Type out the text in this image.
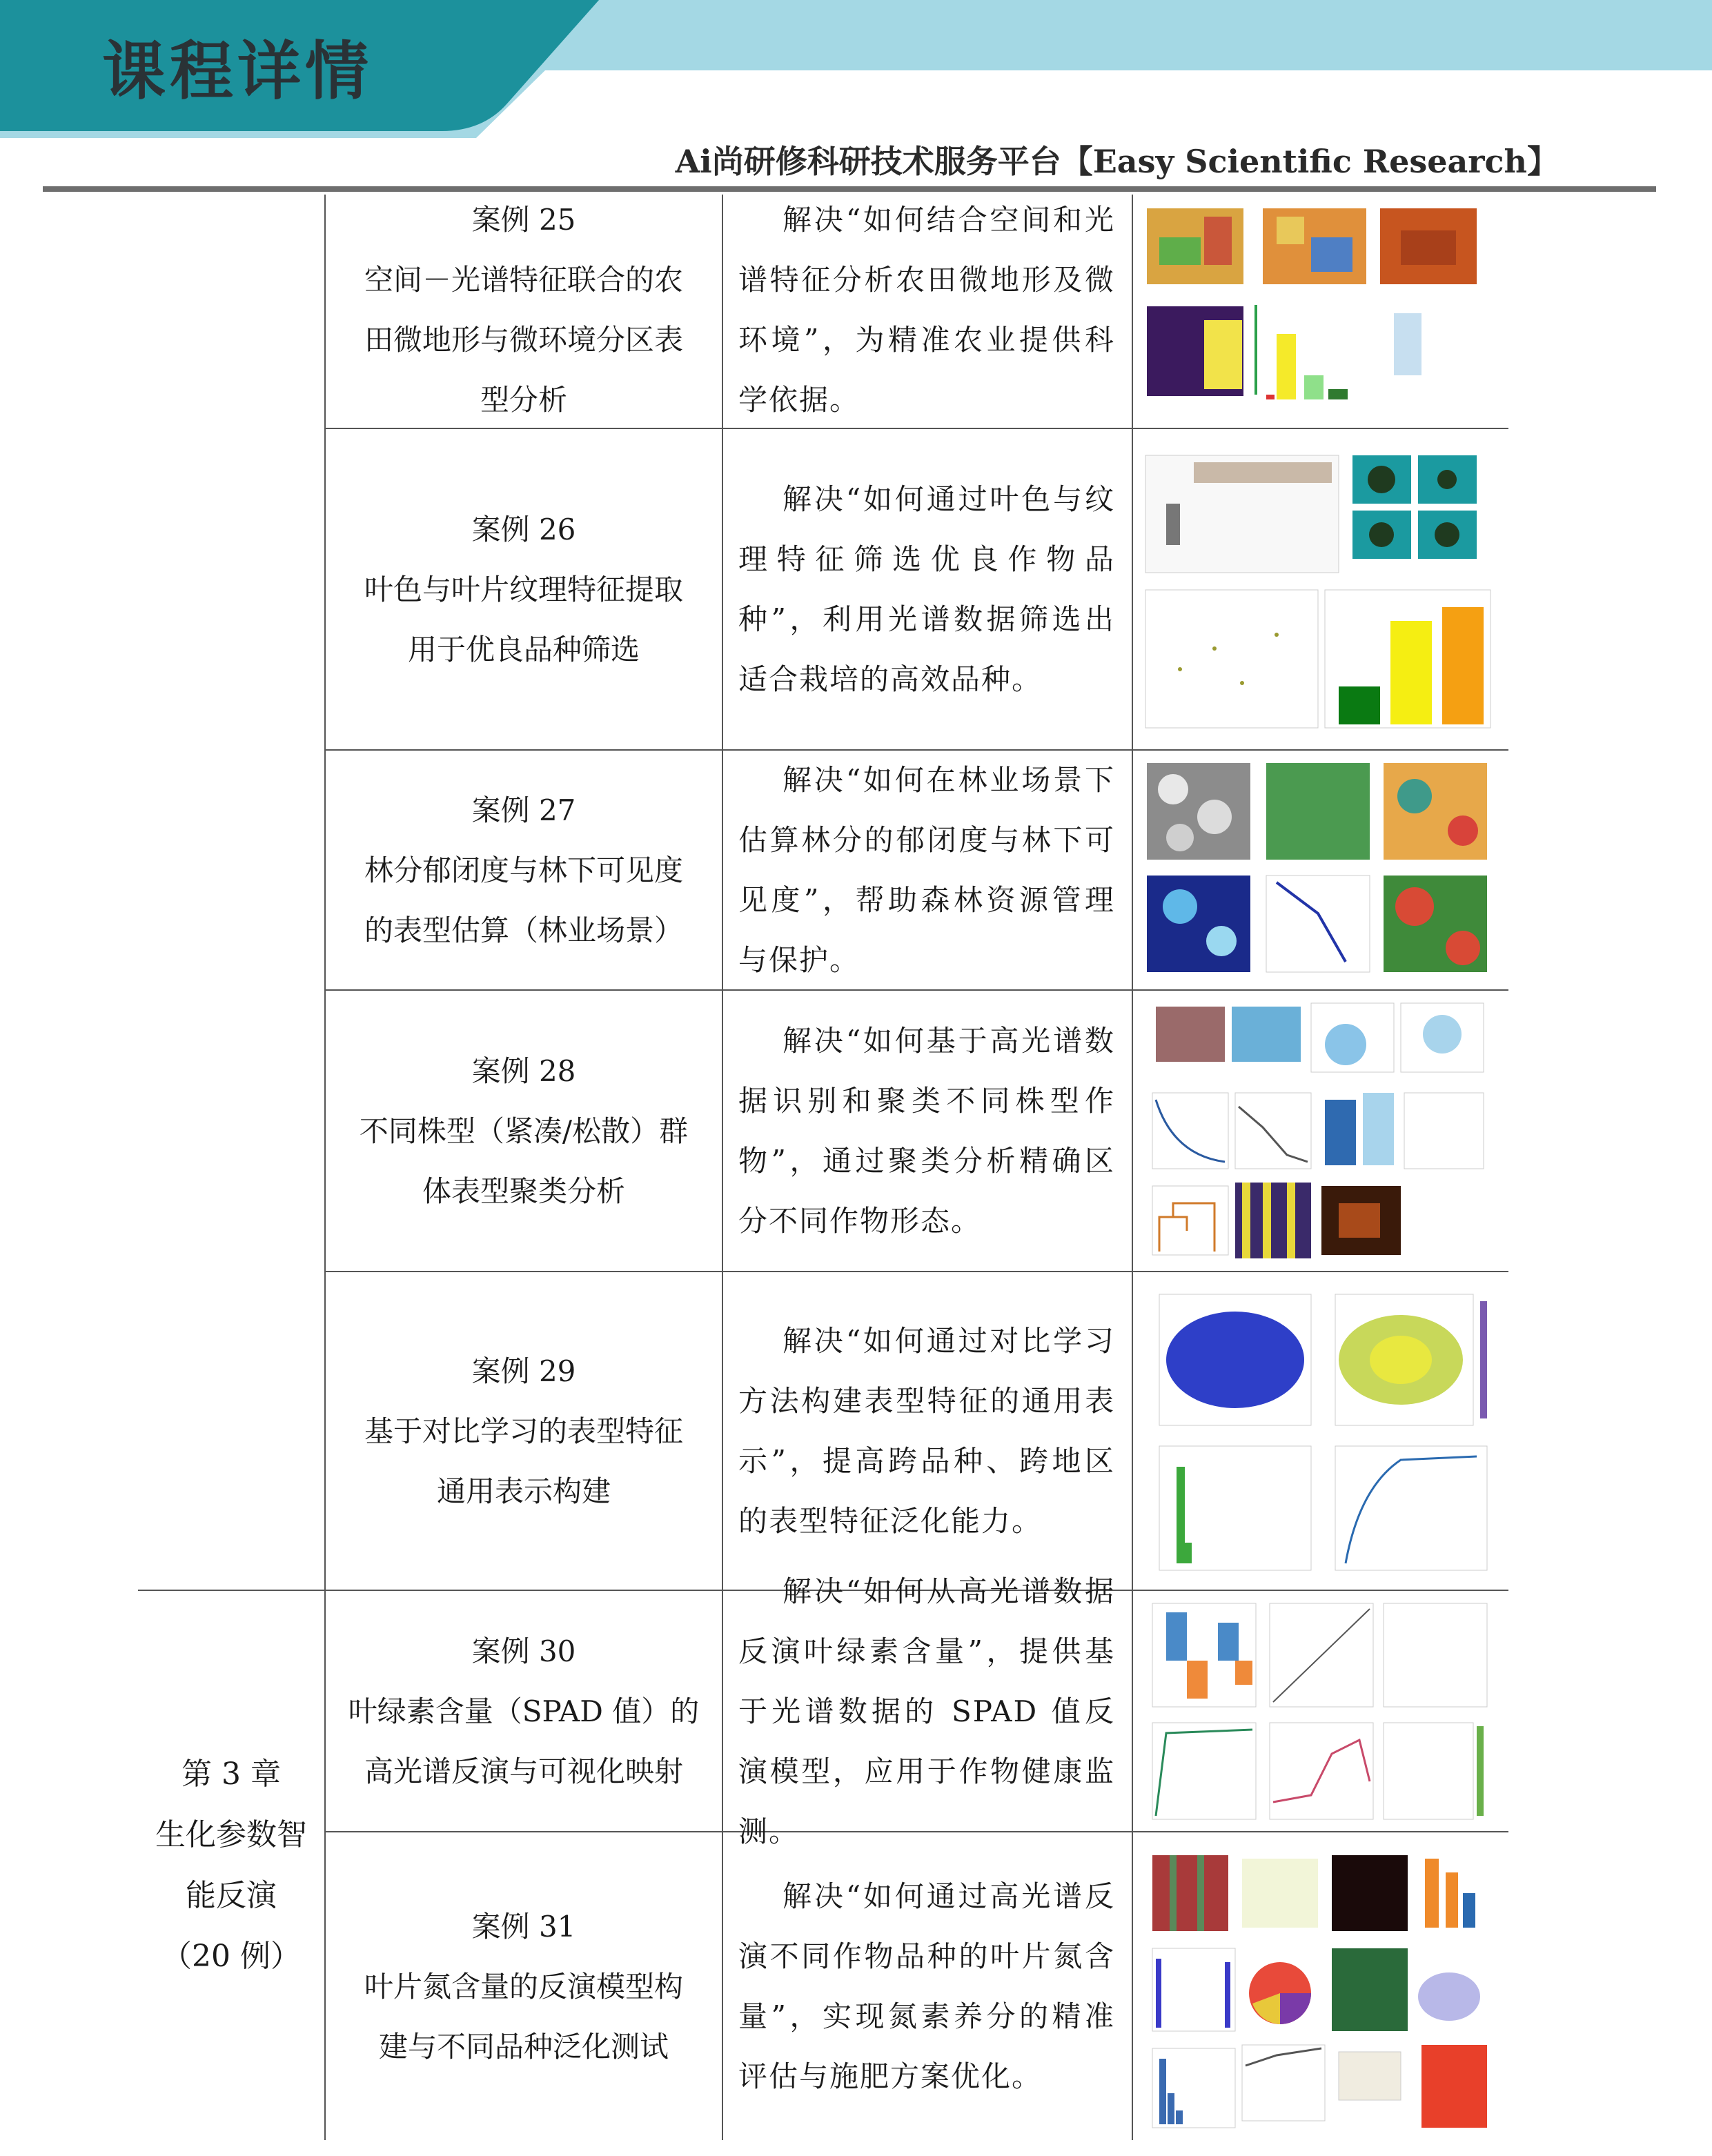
课程详情
Ai尚研修科研技术服务平台【Easy Scientific Research】
第 3 章
生化参数智
能反演
（20 例）
案例 25
空间－光谱特征联合的农
田微地形与微环境分区表
型分析

解决“如何结合空间和光谱特征分析农田微地形及微环境”，为精准农业提供科学依据。

案例 26
叶色与叶片纹理特征提取
用于优良品种筛选

解决“如何通过叶色与纹理特征筛选优良作物品种”，利用光谱数据筛选出适合栽培的高效品种。

案例 27
林分郁闭度与林下可见度
的表型估算（林业场景）

解决“如何在林业场景下估算林分的郁闭度与林下可见度”，帮助森林资源管理与保护。

案例 28
不同株型（紧凑/松散）群
体表型聚类分析

解决“如何基于高光谱数据识别和聚类不同株型作物”，通过聚类分析精确区分不同作物形态。

案例 29
基于对比学习的表型特征
通用表示构建

解决“如何通过对比学习方法构建表型特征的通用表示”，提高跨品种、跨地区的表型特征泛化能力。

案例 30
叶绿素含量（SPAD 值）的
高光谱反演与可视化映射

解决“如何从高光谱数据反演叶绿素含量”，提供基于光谱数据的 SPAD 值反演模型，应用于作物健康监测。

案例 31
叶片氮含量的反演模型构
建与不同品种泛化测试

解决“如何通过高光谱反演不同作物品种的叶片氮含量”，实现氮素养分的精准评估与施肥方案优化。
